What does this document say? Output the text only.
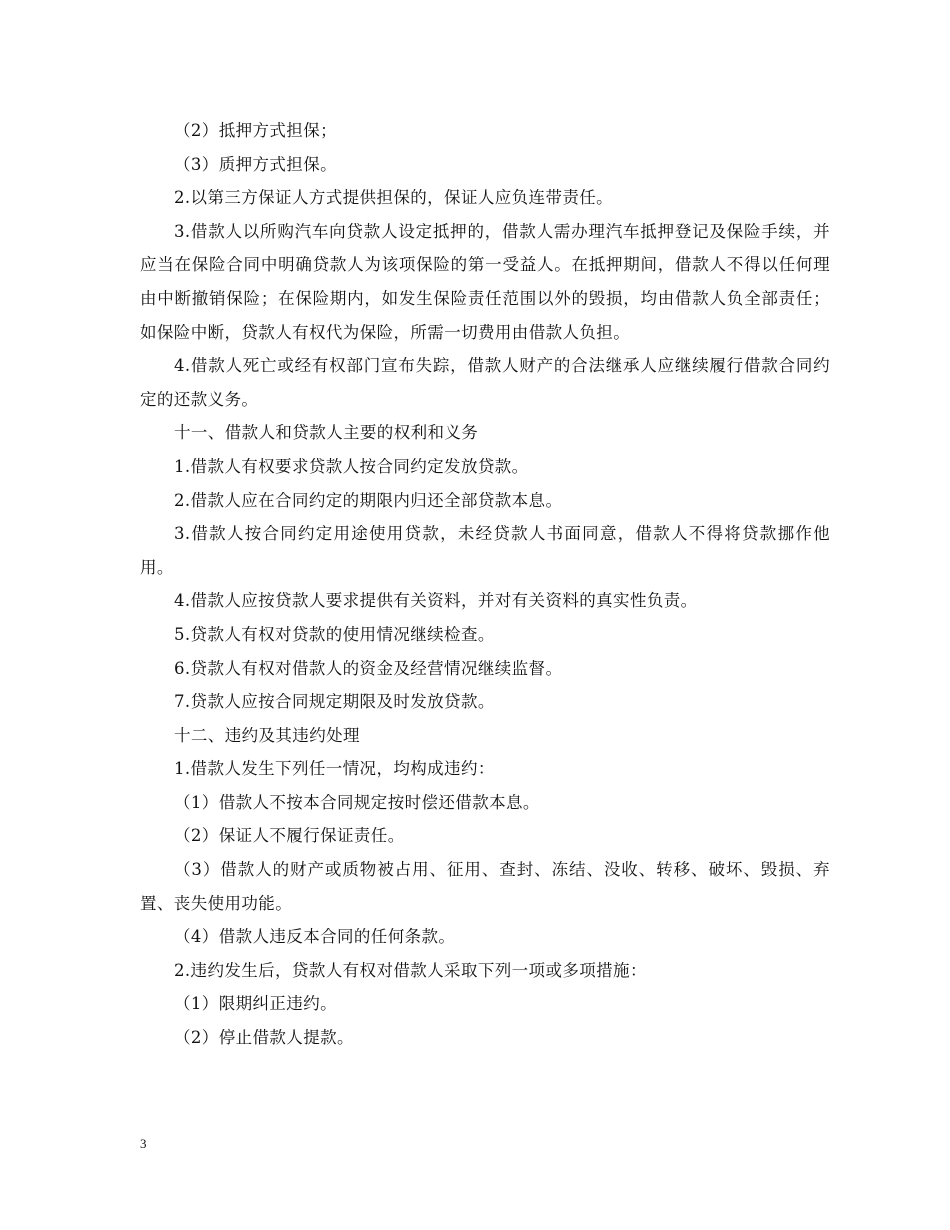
（2）抵押方式担保；

（3）质押方式担保。

2.以第三方保证人方式提供担保的，保证人应负连带责任。

3.借款人以所购汽车向贷款人设定抵押的，借款人需办理汽车抵押登记及保险手续，并应当在保险合同中明确贷款人为该项保险的第一受益人。在抵押期间，借款人不得以任何理由中断撤销保险；在保险期内，如发生保险责任范围以外的毁损，均由借款人负全部责任；如保险中断，贷款人有权代为保险，所需一切费用由借款人负担。

4.借款人死亡或经有权部门宣布失踪，借款人财产的合法继承人应继续履行借款合同约定的还款义务。

十一、借款人和贷款人主要的权利和义务

1.借款人有权要求贷款人按合同约定发放贷款。

2.借款人应在合同约定的期限内归还全部贷款本息。

3.借款人按合同约定用途使用贷款，未经贷款人书面同意，借款人不得将贷款挪作他用。

4.借款人应按贷款人要求提供有关资料，并对有关资料的真实性负责。

5.贷款人有权对贷款的使用情况继续检查。

6.贷款人有权对借款人的资金及经营情况继续监督。

7.贷款人应按合同规定期限及时发放贷款。

十二、违约及其违约处理

1.借款人发生下列任一情况，均构成违约：

（1）借款人不按本合同规定按时偿还借款本息。

（2）保证人不履行保证责任。

（3）借款人的财产或质物被占用、征用、查封、冻结、没收、转移、破坏、毁损、弃置、丧失使用功能。

（4）借款人违反本合同的任何条款。

2.违约发生后，贷款人有权对借款人采取下列一项或多项措施：

（1）限期纠正违约。

（2）停止借款人提款。

3
